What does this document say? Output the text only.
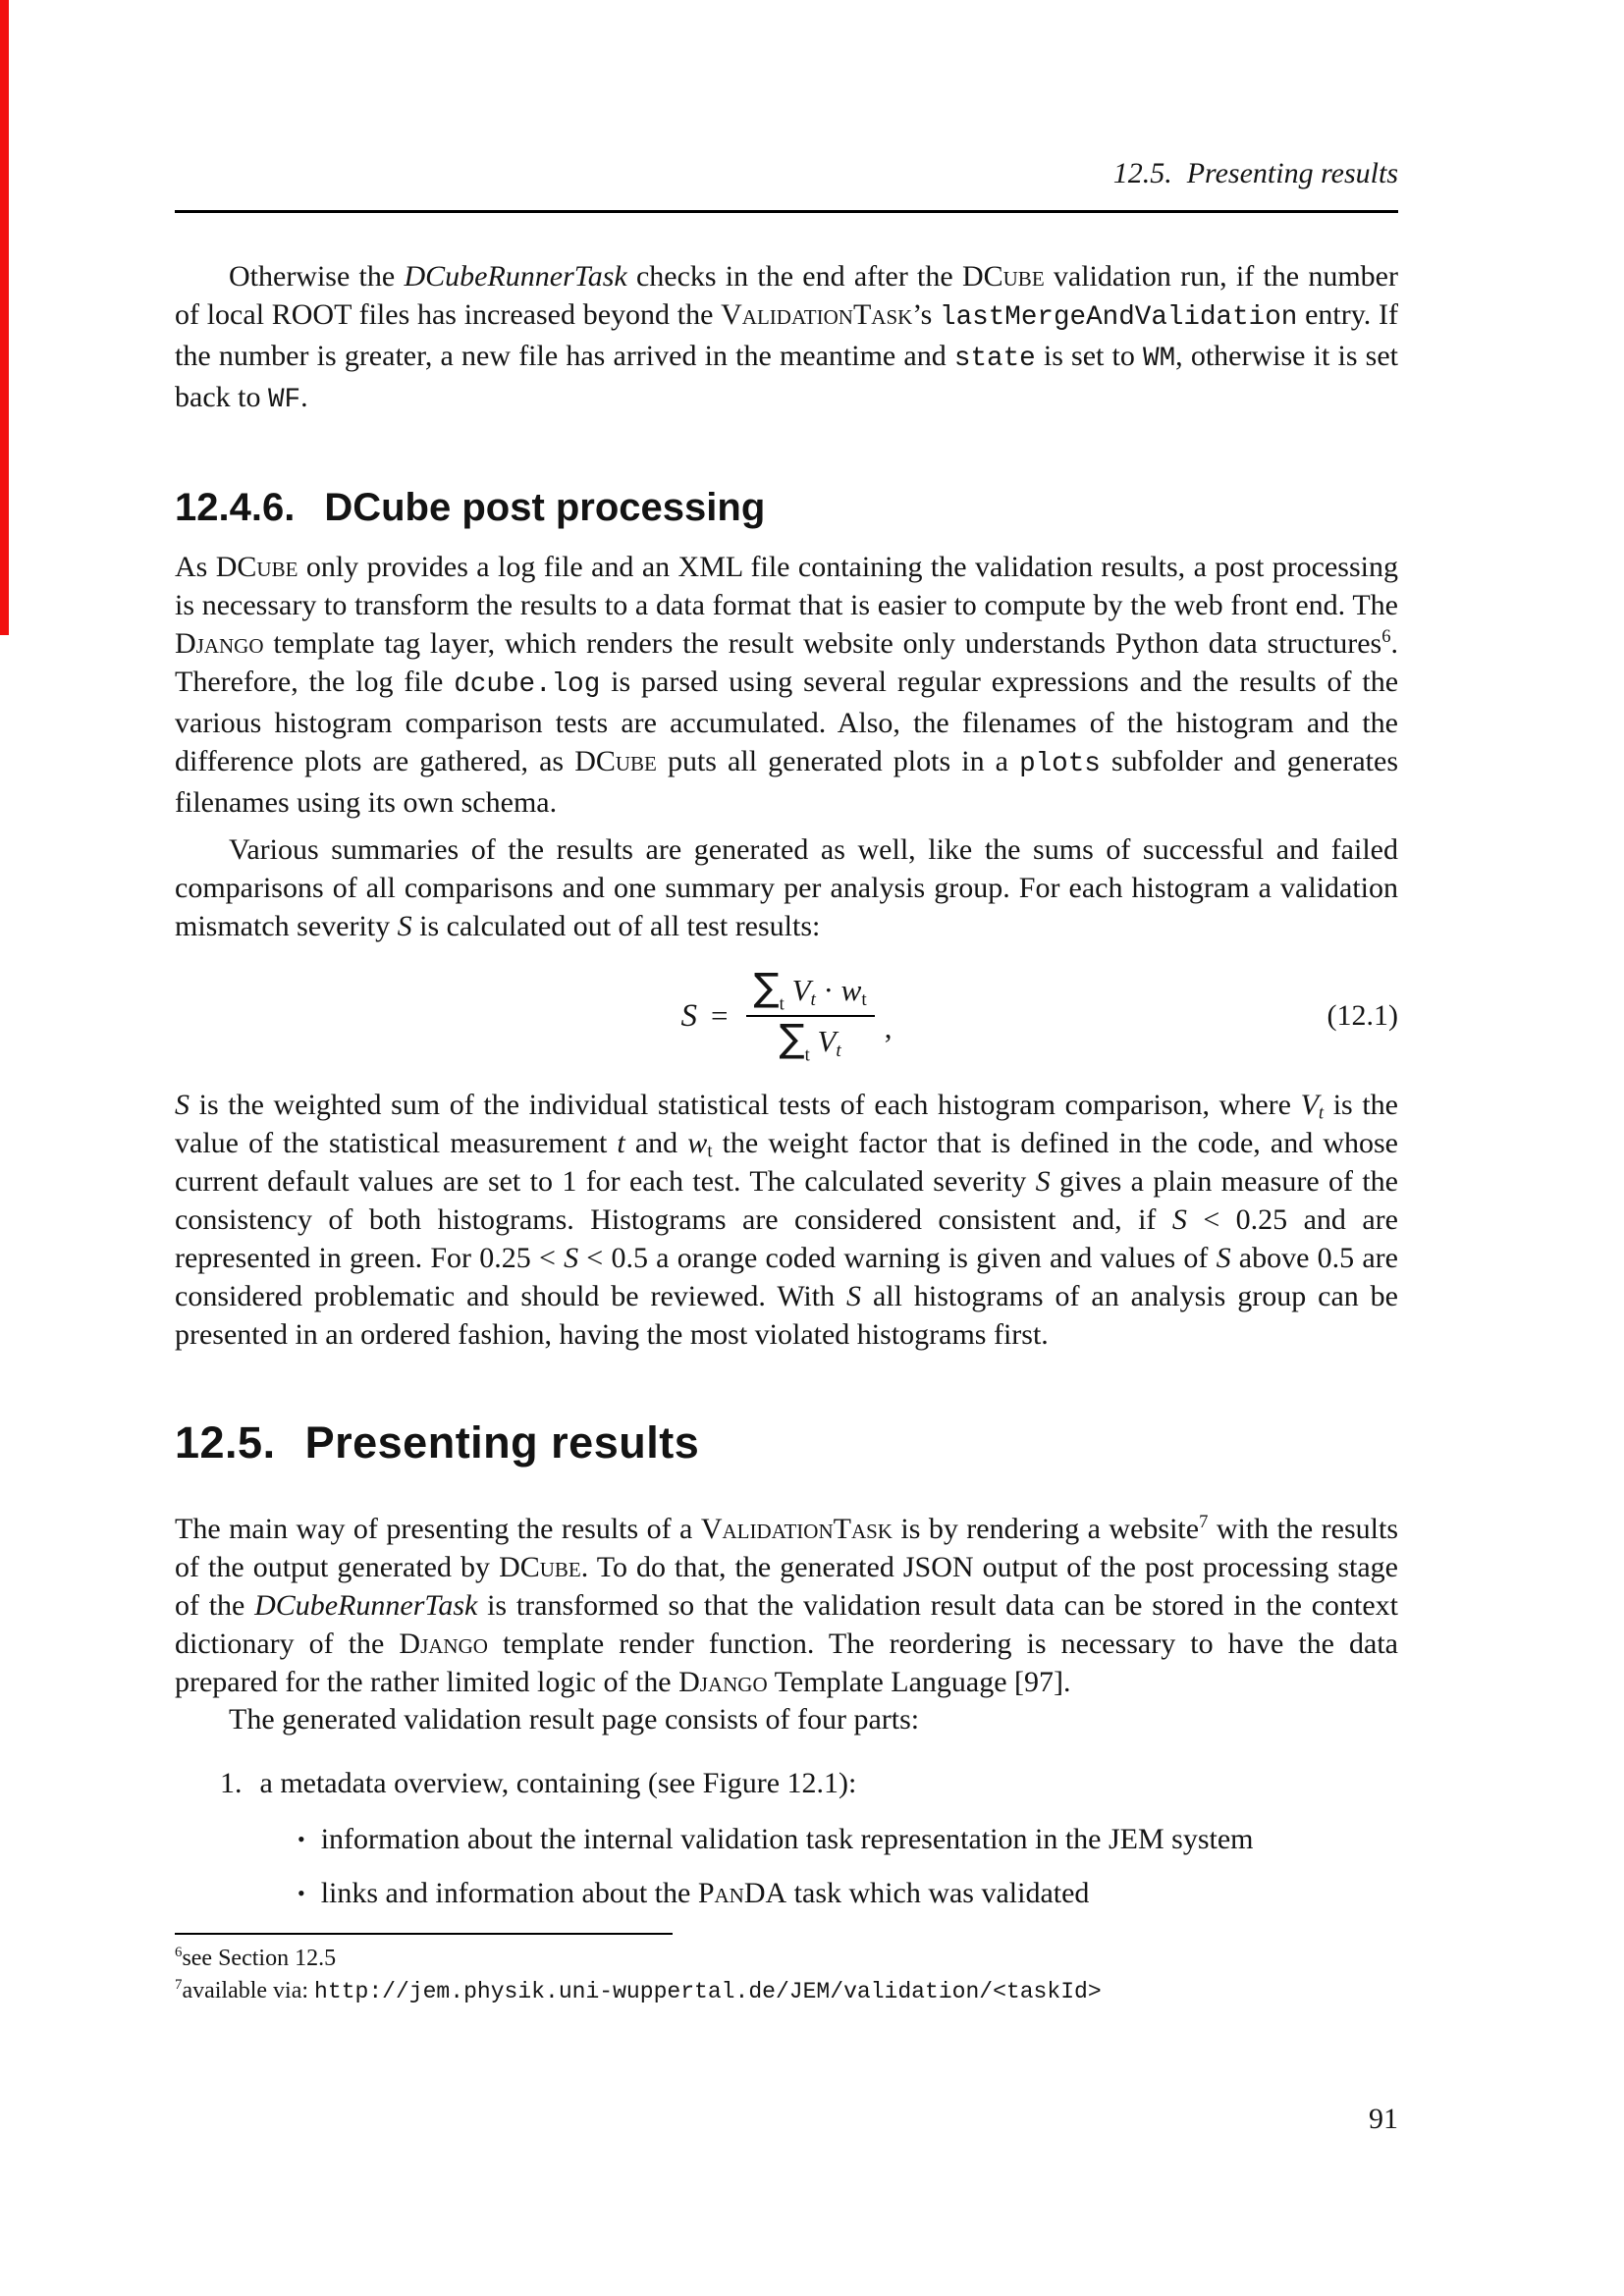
12.5.  Presenting results

Otherwise the DCubeRunnerTask checks in the end after the DCube validation run, if the number of local ROOT files has increased beyond the ValidationTask’s lastMergeAndValidation entry. If the number is greater, a new file has arrived in the meantime and state is set to WM, otherwise it is set back to WF.

12.4.6. DCube post processing

As DCube only provides a log file and an XML file containing the validation results, a post processing is necessary to transform the results to a data format that is easier to compute by the web front end. The Django template tag layer, which renders the result website only understands Python data structures$^6$. Therefore, the log file dcube.log is parsed using several regular expressions and the results of the various histogram comparison tests are accumulated. Also, the filenames of the histogram and the difference plots are gathered, as DCube puts all generated plots in a plots subfolder and generates filenames using its own schema.

Various summaries of the results are generated as well, like the sums of successful and failed comparisons of all comparisons and one summary per analysis group. For each histogram a validation mismatch severity S is calculated out of all test results:

$S = \frac{\sum_t Vt \cdot wt}{\sum_t Vt}$ ,	(12.1)

S is the weighted sum of the individual statistical tests of each histogram comparison, where Vt is the value of the statistical measurement t and wt the weight factor that is defined in the code, and whose current default values are set to 1 for each test. The calculated severity S gives a plain measure of the consistency of both histograms. Histograms are considered consistent and, if S < 0.25 and are represented in green. For 0.25 < S < 0.5 a orange coded warning is given and values of S above 0.5 are considered problematic and should be reviewed. With S all histograms of an analysis group can be presented in an ordered fashion, having the most violated histograms first.

12.5. Presenting results

The main way of presenting the results of a ValidationTask is by rendering a website$^7$ with the results of the output generated by DCube. To do that, the generated JSON output of the post processing stage of the DCubeRunnerTask is transformed so that the validation result data can be stored in the context dictionary of the Django template render function. The reordering is necessary to have the data prepared for the rather limited logic of the Django Template Language [97].

The generated validation result page consists of four parts:

1. a metadata overview, containing (see Figure 12.1):
• information about the internal validation task representation in the JEM system
• links and information about the PanDA task which was validated

$^6$see Section 12.5

$^7$available via: http://jem.physik.uni-wuppertal.de/JEM/validation/<taskId>

91
